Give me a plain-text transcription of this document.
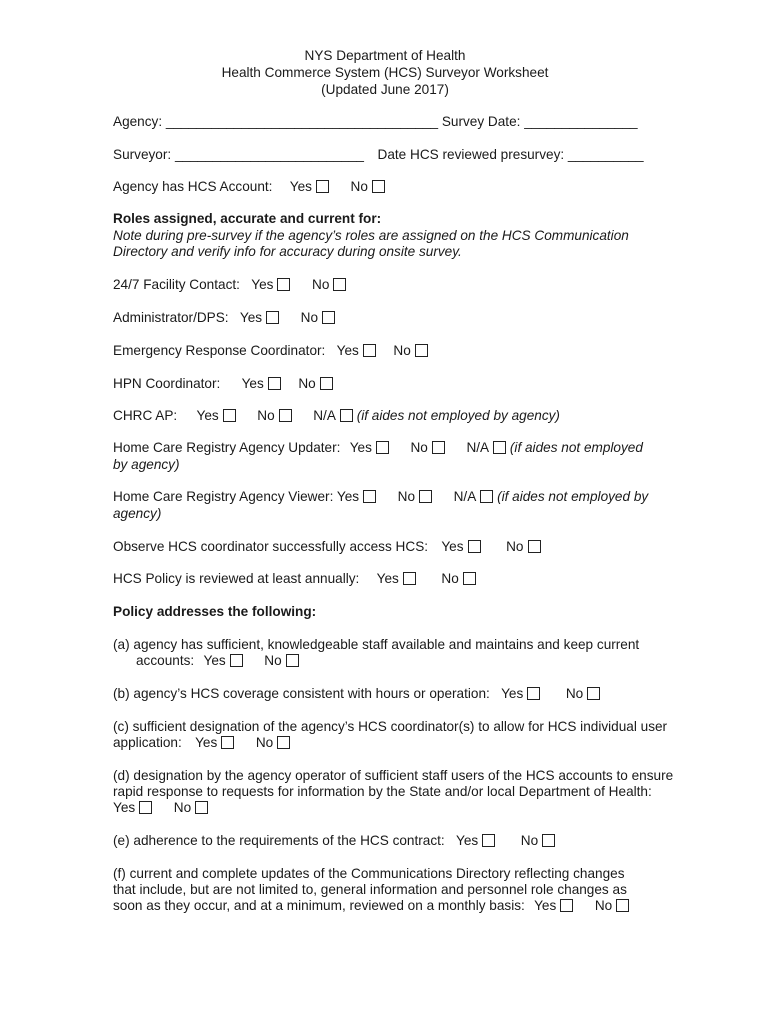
NYS Department of Health
Health Commerce System (HCS) Surveyor Worksheet
(Updated June 2017)
Agency: ____________________________________ Survey Date: _______________
Surveyor: _________________________ Date HCS reviewed presurvey: __________
Agency has HCS Account: Yes	No
Roles assigned, accurate and current for:
Note during pre-survey if the agency’s roles are assigned on the HCS Communication
Directory and verify info for accuracy during onsite survey.
24/7 Facility Contact: Yes	No
Administrator/DPS: Yes	No
Emergency Response Coordinator: Yes	No
HPN Coordinator: Yes	No
CHRC AP: Yes	No	N/A (if aides not employed by agency)
Home Care Registry Agency Updater: Yes	No	N/A (if aides not employed
by agency)
Home Care Registry Agency Viewer: Yes	No	N/A (if aides not employed by
agency)
Observe HCS coordinator successfully access HCS: Yes	No
HCS Policy is reviewed at least annually: Yes	No
Policy addresses the following:
(a) agency has sufficient, knowledgeable staff available and maintains and keep current
accounts: Yes	No
(b) agency’s HCS coverage consistent with hours or operation: Yes	No
(c) sufficient designation of the agency’s HCS coordinator(s) to allow for HCS individual user
application: Yes	No
(d) designation by the agency operator of sufficient staff users of the HCS accounts to ensure
rapid response to requests for information by the State and/or local Department of Health:
Yes	No
(e) adherence to the requirements of the HCS contract: Yes	No
(f) current and complete updates of the Communications Directory reflecting changes
that include, but are not limited to, general information and personnel role changes as
soon as they occur, and at a minimum, reviewed on a monthly basis: Yes	No
